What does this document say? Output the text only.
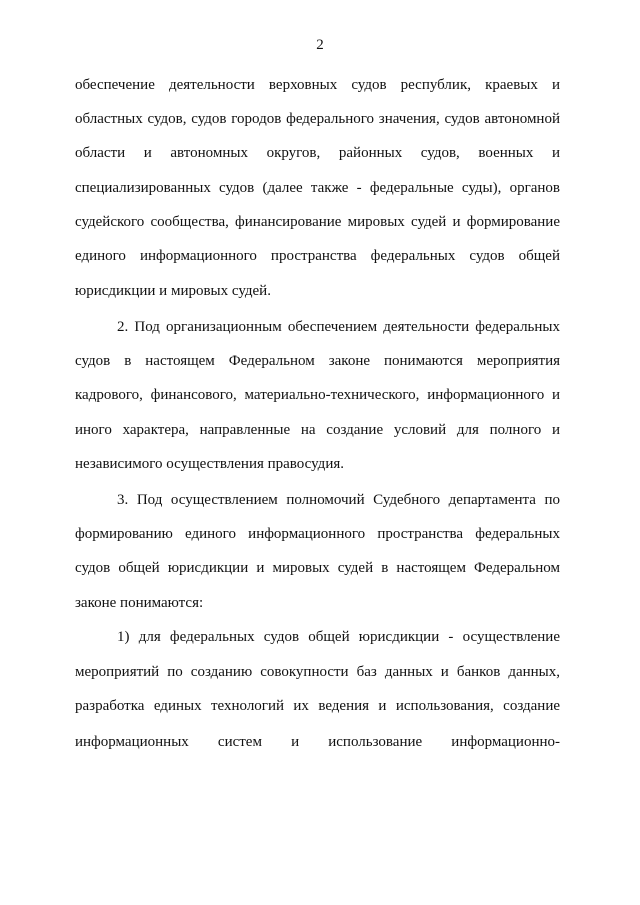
2
обеспечение деятельности верховных судов республик, краевых и
областных судов, судов городов федерального значения, судов автономной
области и автономных округов, районных судов, военных и
специализированных судов (далее также - федеральные суды), органов
судейского сообщества, финансирование мировых судей и формирование
единого информационного пространства федеральных судов общей
юрисдикции и мировых судей.
2. Под организационным обеспечением деятельности федеральных
судов в настоящем Федеральном законе понимаются мероприятия
кадрового, финансового, материально-технического, информационного и
иного характера, направленные на создание условий для полного и
независимого осуществления правосудия.
3. Под осуществлением полномочий Судебного департамента по
формированию единого информационного пространства федеральных
судов общей юрисдикции и мировых судей в настоящем Федеральном
законе понимаются:
1) для федеральных судов общей юрисдикции - осуществление
мероприятий по созданию совокупности баз данных и банков данных,
разработка единых технологий их ведения и использования, создание
информационных систем и использование информационно-
